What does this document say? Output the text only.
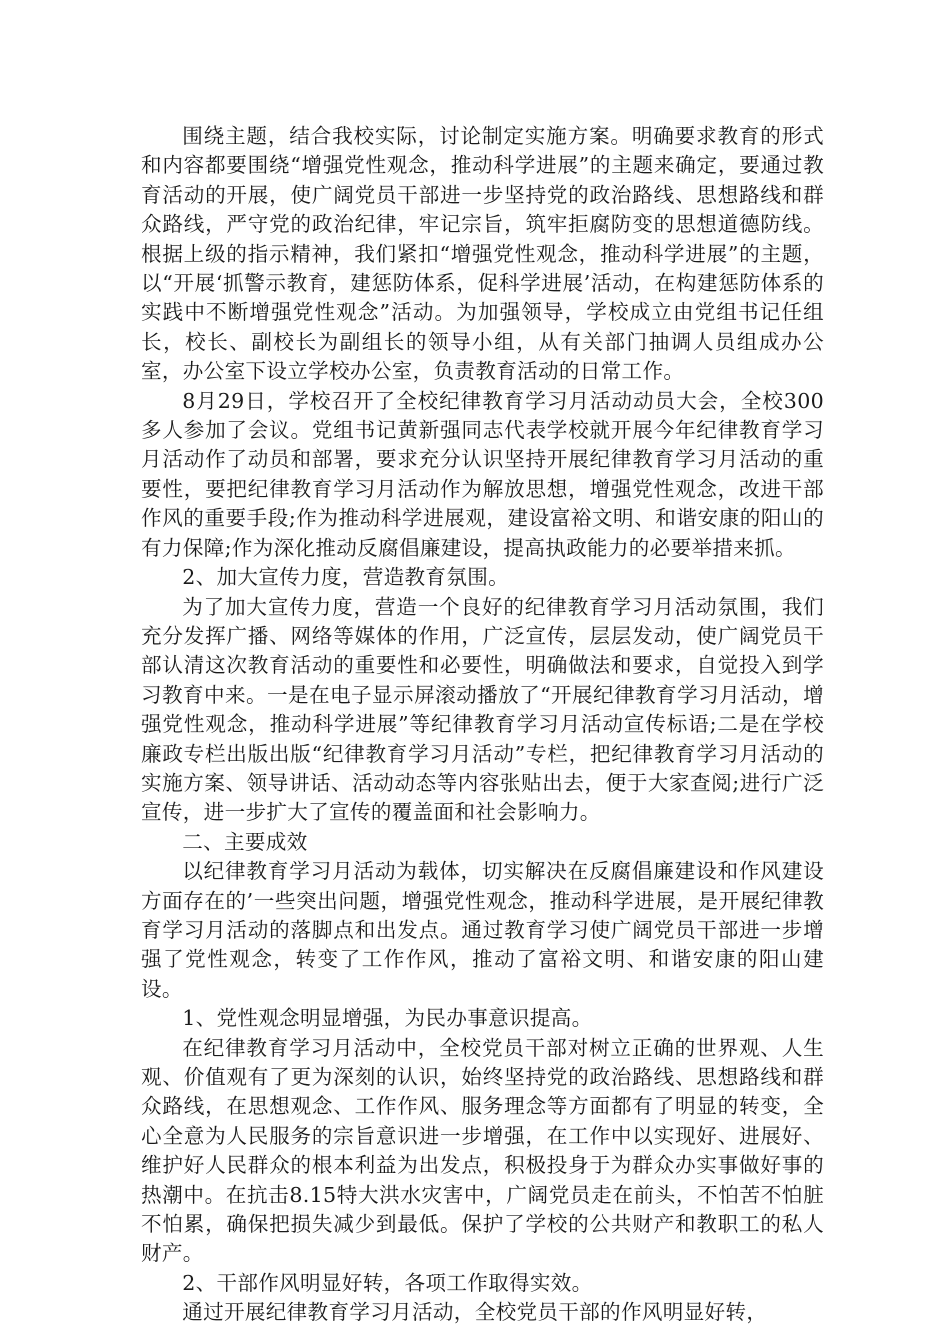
围绕主题，结合我校实际，讨论制定实施方案。明确要求教育的形式和内容都要围绕“增强党性观念，推动科学进展”的主题来确定，要通过教育活动的开展，使广阔党员干部进一步坚持党的政治路线、思想路线和群众路线，严守党的政治纪律，牢记宗旨，筑牢拒腐防变的思想道德防线。根据上级的指示精神，我们紧扣“增强党性观念，推动科学进展”的主题，以“开展‘抓警示教育，建惩防体系，促科学进展’活动，在构建惩防体系的实践中不断增强党性观念”活动。为加强领导，学校成立由党组书记任组长，校长、副校长为副组长的领导小组，从有关部门抽调人员组成办公室，办公室下设立学校办公室，负责教育活动的日常工作。

8月29日，学校召开了全校纪律教育学习月活动动员大会，全校300多人参加了会议。党组书记黄新强同志代表学校就开展今年纪律教育学习月活动作了动员和部署，要求充分认识坚持开展纪律教育学习月活动的重要性，要把纪律教育学习月活动作为解放思想，增强党性观念，改进干部作风的重要手段;作为推动科学进展观，建设富裕文明、和谐安康的阳山的有力保障;作为深化推动反腐倡廉建设，提高执政能力的必要举措来抓。

2、加大宣传力度，营造教育氛围。

为了加大宣传力度，营造一个良好的纪律教育学习月活动氛围，我们充分发挥广播、网络等媒体的作用，广泛宣传，层层发动，使广阔党员干部认清这次教育活动的重要性和必要性，明确做法和要求，自觉投入到学习教育中来。一是在电子显示屏滚动播放了“开展纪律教育学习月活动，增强党性观念，推动科学进展”等纪律教育学习月活动宣传标语;二是在学校廉政专栏出版出版“纪律教育学习月活动”专栏，把纪律教育学习月活动的实施方案、领导讲话、活动动态等内容张贴出去，便于大家查阅;进行广泛宣传，进一步扩大了宣传的覆盖面和社会影响力。

二、主要成效

以纪律教育学习月活动为载体，切实解决在反腐倡廉建设和作风建设方面存在的’一些突出问题，增强党性观念，推动科学进展，是开展纪律教育学习月活动的落脚点和出发点。通过教育学习使广阔党员干部进一步增强了党性观念，转变了工作作风，推动了富裕文明、和谐安康的阳山建设。

1、党性观念明显增强，为民办事意识提高。

在纪律教育学习月活动中，全校党员干部对树立正确的世界观、人生观、价值观有了更为深刻的认识，始终坚持党的政治路线、思想路线和群众路线，在思想观念、工作作风、服务理念等方面都有了明显的转变，全心全意为人民服务的宗旨意识进一步增强，在工作中以实现好、进展好、维护好人民群众的根本利益为出发点，积极投身于为群众办实事做好事的热潮中。在抗击8.15特大洪水灾害中，广阔党员走在前头，不怕苦不怕脏不怕累，确保把损失减少到最低。保护了学校的公共财产和教职工的私人财产。

2、干部作风明显好转，各项工作取得实效。

通过开展纪律教育学习月活动，全校党员干部的作风明显好转，
